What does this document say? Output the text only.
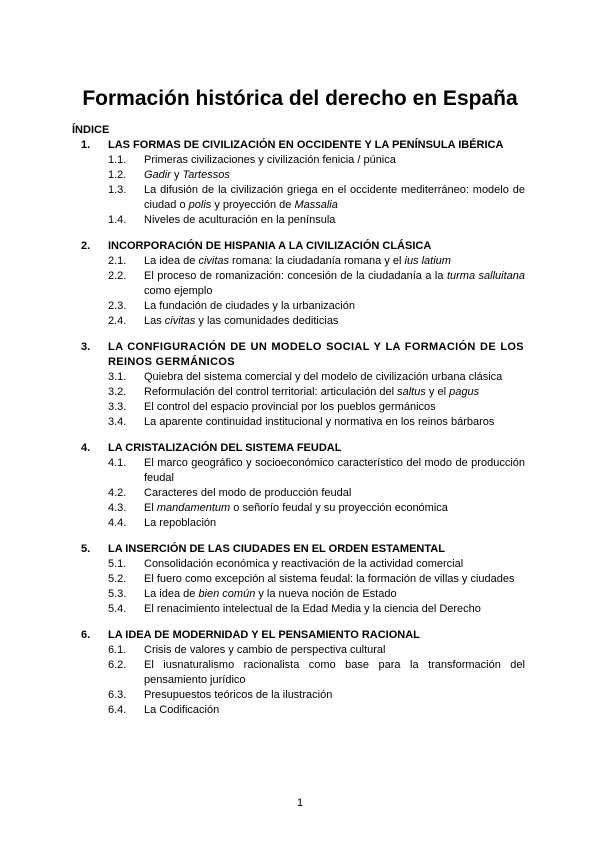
Formación histórica del derecho en España

ÍNDICE

1.	LAS FORMAS DE CIVILIZACIÓN EN OCCIDENTE Y LA PENÍNSULA IBÉRICA
1.1.	Primeras civilizaciones y civilización fenicia / púnica
1.2.	Gadir y Tartessos
1.3.	La difusión de la civilización griega en el occidente mediterráneo: modelo de ciudad o polis y proyección de Massalia
1.4.	Niveles de aculturación en la península
2.	INCORPORACIÓN DE HISPANIA A LA CIVILIZACIÓN CLÁSICA
2.1.	La idea de civitas romana: la ciudadanía romana y el ius latium
2.2.	El proceso de romanización: concesión de la ciudadanía a la turma salluitana como ejemplo
2.3.	La fundación de ciudades y la urbanización
2.4.	Las civitas y las comunidades dediticias
3.	LA CONFIGURACIÓN DE UN MODELO SOCIAL Y LA FORMACIÓN DE LOS REINOS GERMÁNICOS
3.1.	Quiebra del sistema comercial y del modelo de civilización urbana clásica
3.2.	Reformulación del control territorial: articulación del saltus y el pagus
3.3.	El control del espacio provincial por los pueblos germánicos
3.4.	La aparente continuidad institucional y normativa en los reinos bárbaros
4.	LA CRISTALIZACIÓN DEL SISTEMA FEUDAL
4.1.	El marco geográfico y socioeconómico característico del modo de producción feudal
4.2.	Caracteres del modo de producción feudal
4.3.	El mandamentum o señorío feudal y su proyección económica
4.4.	La repoblación
5.	LA INSERCIÓN DE LAS CIUDADES EN EL ORDEN ESTAMENTAL
5.1.	Consolidación económica y reactivación de la actividad comercial
5.2.	El fuero como excepción al sistema feudal: la formación de villas y ciudades
5.3.	La idea de bien común y la nueva noción de Estado
5.4.	El renacimiento intelectual de la Edad Media y la ciencia del Derecho
6.	LA IDEA DE MODERNIDAD Y EL PENSAMIENTO RACIONAL
6.1.	Crisis de valores y cambio de perspectiva cultural
6.2.	El iusnaturalismo racionalista como base para la transformación del pensamiento jurídico
6.3.	Presupuestos teóricos de la ilustración
6.4.	La Codificación

1
